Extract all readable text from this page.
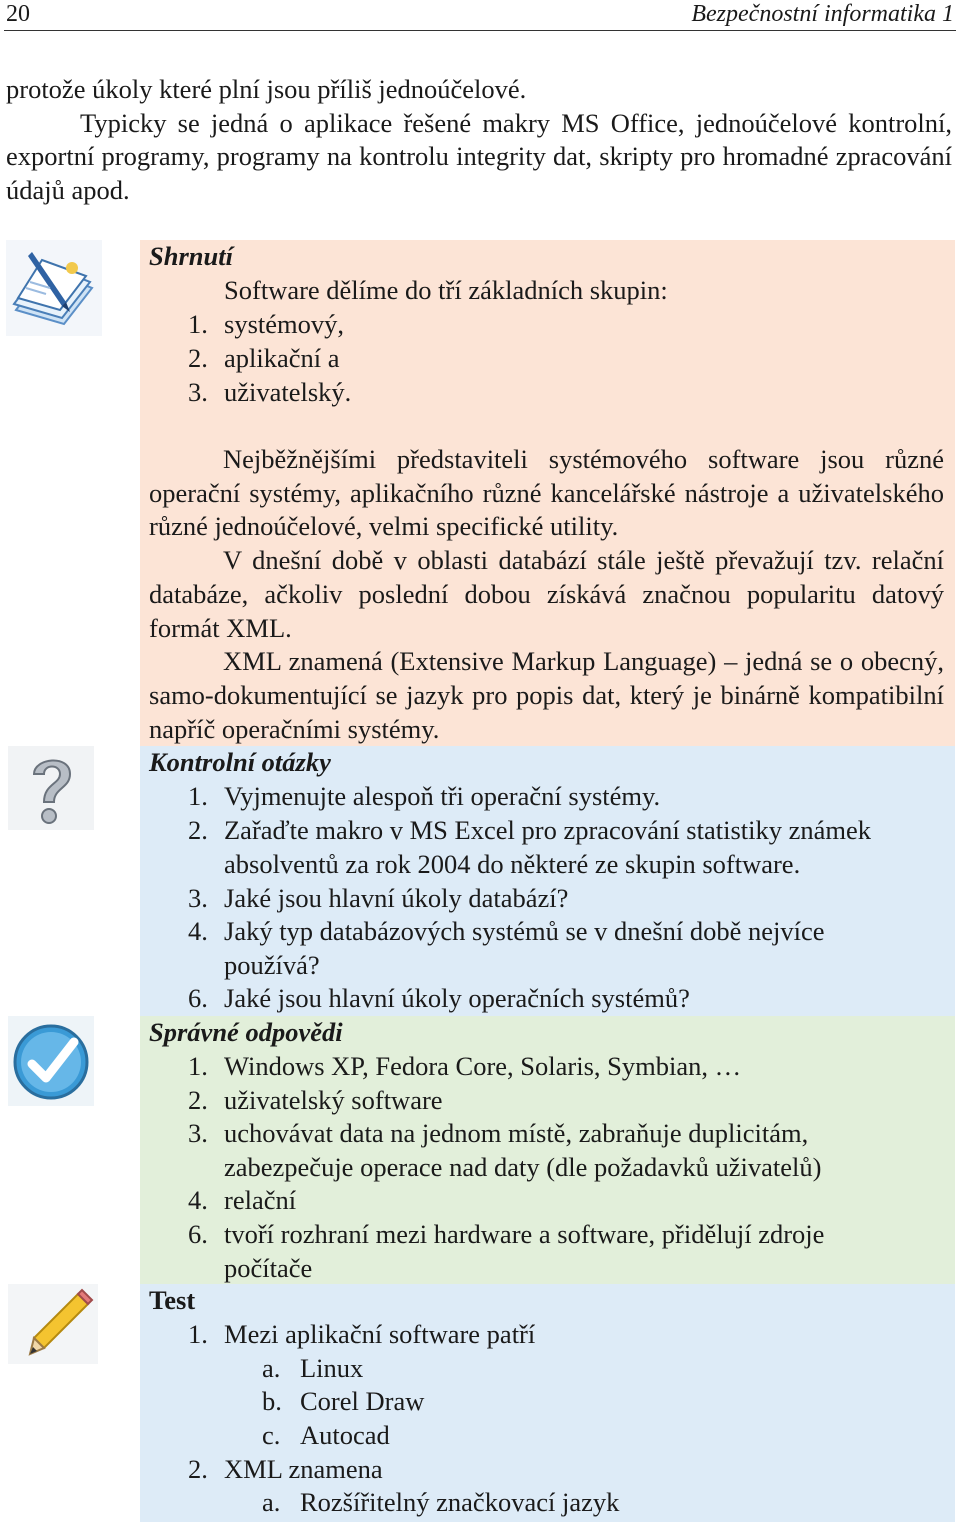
20	Bezpečnostní informatika 1

protože úkoly které plní jsou příliš jednoúčelové.

Typicky se jedná o aplikace řešené makry MS Office, jednoúčelové kontrolní, exportní programy, programy na kontrolu integrity dat, skripty pro hromadné zpracování údajů apod.

Shrnutí
Software dělíme do tří základních skupin:
1. systémový,
2. aplikační a
3. uživatelský.

Nejběžnějšími představiteli systémového software jsou různé operační systémy, aplikačního různé kancelářské nástroje a uživatelského různé jednoúčelové, velmi specifické utility.

V dnešní době v oblasti databází stále ještě převažují tzv. relační databáze, ačkoliv poslední dobou získává značnou popularitu datový formát XML.

XML znamená (Extensive Markup Language) – jedná se o obecný, samo-dokumentující se jazyk pro popis dat, který je binárně kompatibilní napříč operačními systémy.

Kontrolní otázky
1. Vyjmenujte alespoň tři operační systémy.
2. Zařaďte makro v MS Excel pro zpracování statistiky známek
absolventů za rok 2004 do některé ze skupin software.
3. Jaké jsou hlavní úkoly databází?
4. Jaký typ databázových systémů se v dnešní době nejvíce
používá?
6. Jaké jsou hlavní úkoly operačních systémů?
Správné odpovědi
1. Windows XP, Fedora Core, Solaris, Symbian, …
2. uživatelský software
3. uchovávat data na jednom místě, zabraňuje duplicitám,
zabezpečuje operace nad daty (dle požadavků uživatelů)
4. relační
6. tvoří rozhraní mezi hardware a software, přidělují zdroje
počítače
Test
1. Mezi aplikační software patří
a. Linux
b. Corel Draw
c. Autocad
2. XML znamena
a. Rozšířitelný značkovací jazyk
